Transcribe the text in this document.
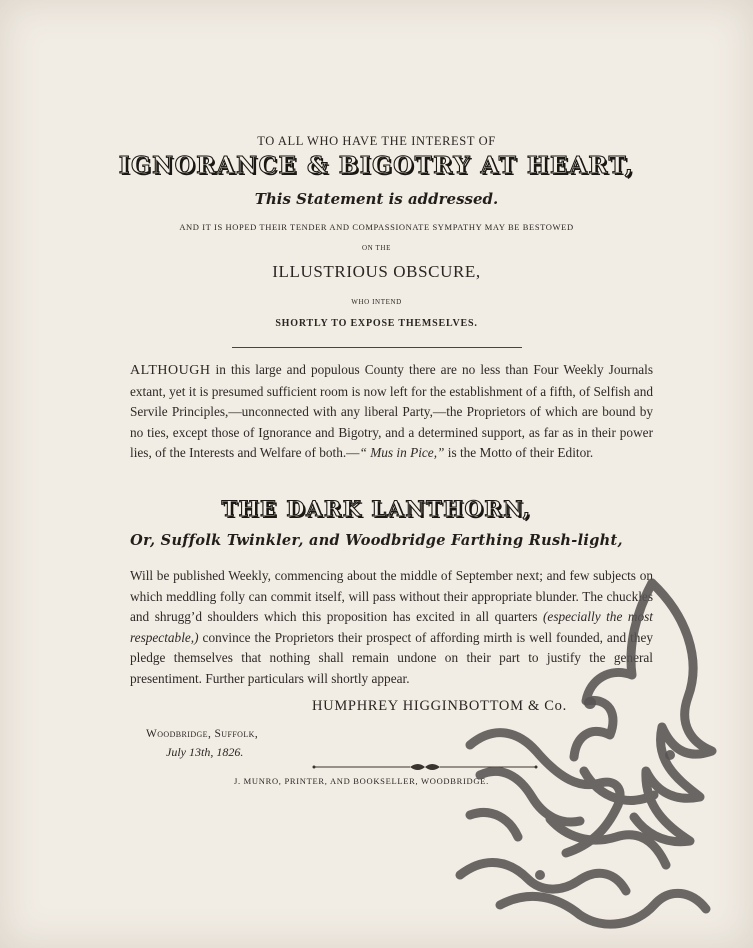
TO ALL WHO HAVE THE INTEREST OF
IGNORANCE & BIGOTRY AT HEART,
This Statement is addressed.
AND IT IS HOPED THEIR TENDER AND COMPASSIONATE SYMPATHY MAY BE BESTOWED
ON THE
ILLUSTRIOUS OBSCURE,
WHO INTEND
SHORTLY TO EXPOSE THEMSELVES.
ALTHOUGH in this large and populous County there are no less than Four Weekly Journals extant, yet it is presumed sufficient room is now left for the establishment of a fifth, of Selfish and Servile Principles,—unconnected with any liberal Party,—the Proprietors of which are bound by no ties, except those of Ignorance and Bigotry, and a determined support, as far as in their power lies, of the Interests and Welfare of both.—“ Mus in Pice,” is the Motto of their Editor.
THE DARK LANTHORN,
Or, Suffolk Twinkler, and Woodbridge Farthing Rush-light,
Will be published Weekly, commencing about the middle of September next; and few subjects on which meddling folly can commit itself, will pass without their appropriate blunder. The chuckles and shrugg’d shoulders which this proposition has excited in all quarters (especially the most respectable,) convince the Proprietors their prospect of affording mirth is well founded, and they pledge themselves that nothing shall remain undone on their part to justify the general presentiment. Further particulars will shortly appear.
HUMPHREY HIGGINBOTTOM & Co.
Woodbridge, Suffolk,
July 13th, 1826.
J. MUNRO, PRINTER, AND BOOKSELLER, WOODBRIDGE.
